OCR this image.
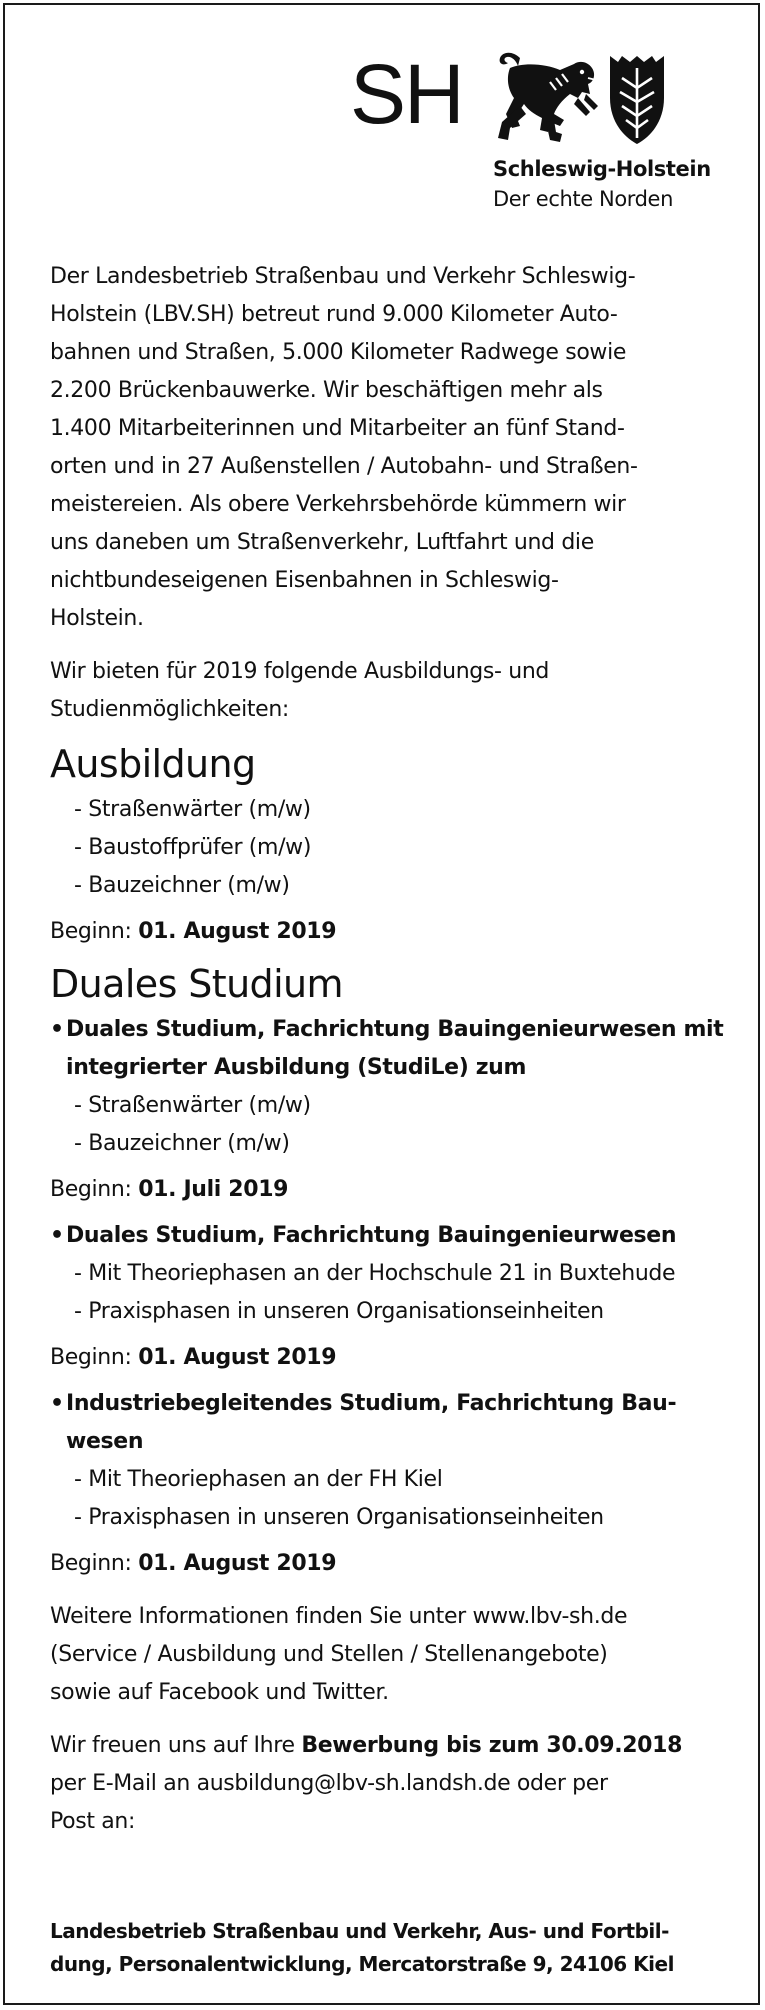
SH
Schleswig-Holstein
Der echte Norden

Der Landesbetrieb Straßenbau und Verkehr Schleswig-
Holstein (LBV.SH) betreut rund 9.000 Kilometer Auto-
bahnen und Straßen, 5.000 Kilometer Radwege sowie
2.200 Brückenbauwerke. Wir beschäftigen mehr als
1.400 Mitarbeiterinnen und Mitarbeiter an fünf Stand-
orten und in 27 Außenstellen / Autobahn- und Straßen-
meistereien. Als obere Verkehrsbehörde kümmern wir
uns daneben um Straßenverkehr, Luftfahrt und die
nichtbundeseigenen Eisenbahnen in Schleswig-
Holstein.

Wir bieten für 2019 folgende Ausbildungs- und
Studienmöglichkeiten:

Ausbildung
- Straßenwärter (m/w)
- Baustoffprüfer (m/w)
- Bauzeichner (m/w)

Beginn: 01. August 2019

Duales Studium
• Duales Studium, Fachrichtung Bauingenieurwesen mit
integrierter Ausbildung (StudiLe) zum
- Straßenwärter (m/w)
- Bauzeichner (m/w)

Beginn: 01. Juli 2019

• Duales Studium, Fachrichtung Bauingenieurwesen
- Mit Theoriephasen an der Hochschule 21 in Buxtehude
- Praxisphasen in unseren Organisationseinheiten

Beginn: 01. August 2019

• Industriebegleitendes Studium, Fachrichtung Bau-
wesen
- Mit Theoriephasen an der FH Kiel
- Praxisphasen in unseren Organisationseinheiten

Beginn: 01. August 2019

Weitere Informationen finden Sie unter www.lbv-sh.de
(Service / Ausbildung und Stellen / Stellenangebote)
sowie auf Facebook und Twitter.

Wir freuen uns auf Ihre Bewerbung bis zum 30.09.2018
per E-Mail an ausbildung@lbv-sh.landsh.de oder per
Post an:

Landesbetrieb Straßenbau und Verkehr, Aus- und Fortbil-
dung, Personalentwicklung, Mercatorstraße 9, 24106 Kiel
